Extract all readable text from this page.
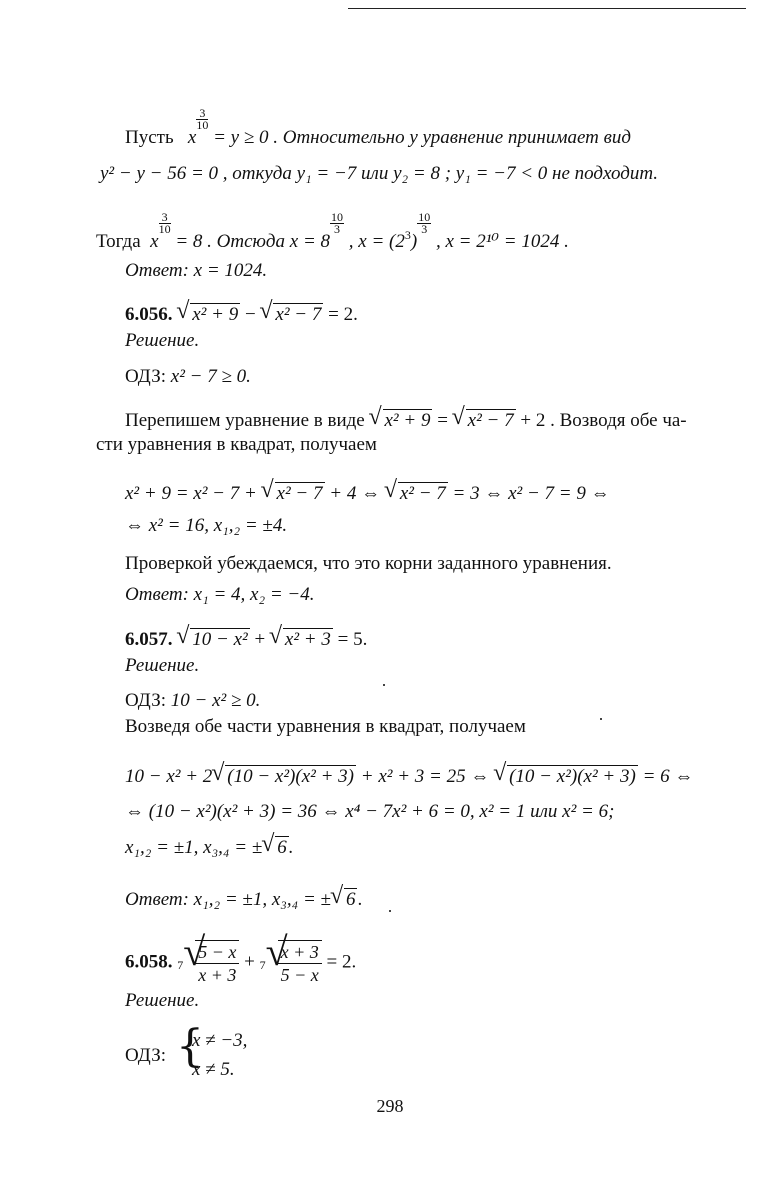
Пусть x
$\frac{3}{10}$
= y ≥ 0 . Относительно y уравнение принимает вид
y² − y − 56 = 0 , откуда y₁ = −7 или y₂ = 8 ; y₁ = −7 < 0 не подходит.
Тогда x
$\frac{3}{10}$
= 8 . Отсюда x = 8
$\frac{10}{3}$
, $x = (2^3)$
$\frac{10}{3}$
, x = 2¹⁰ = 1024 .
Ответ: x = 1024.
6.056. √ x² + 9 − √ x² − 7 = 2.
Решение.
ОДЗ: x² − 7 ≥ 0.
Перепишем уравнение в виде √ x² + 9 = √ x² − 7 + 2 . Возводя обе ча-
сти уравнения в квадрат, получаем
x² + 9 = x² − 7 + √ x² − 7 + 4 ⇔ √ x² − 7 = 3 ⇔ x² − 7 = 9 ⇔
⇔ x² = 16, x₁,₂ = ±4.
Проверкой убеждаемся, что это корни заданного уравнения.
Ответ: x₁ = 4, x₂ = −4.
6.057. √ 10 − x² + √ x² + 3 = 5.
Решение.
ОДЗ: 10 − x² ≥ 0.
Возведя обе части уравнения в квадрат, получаем
10 − x² + 2 √ (10 − x²)(x² + 3) + x² + 3 = 25 ⇔ √ (10 − x²)(x² + 3) = 6 ⇔
⇔ (10 − x²)(x² + 3) = 36 ⇔ x⁴ − 7x² + 6 = 0, x² = 1 или x² = 6;
x₁,₂ = ±1, x₃,₄ = ± √ 6 .
Ответ: x₁,₂ = ±1, x₃,₄ = ± √ 6 .
6.058. 7 √
$\frac{5 - x}{x + 3} + 7$ √
$\frac{x + 3}{5 - x} = 2$.
Решение.
ОДЗ: {
x ≠ −3,
x ≠ 5.
298
